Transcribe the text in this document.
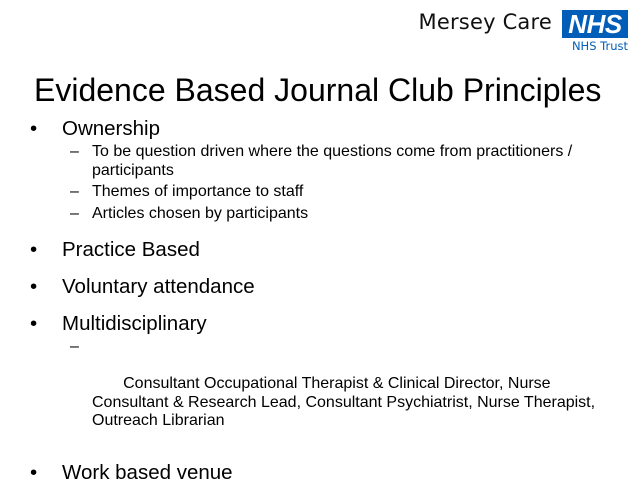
Mersey Care NHS
NHS Trust
Evidence Based Journal Club Principles
• Ownership
– To be question driven where the questions come from practitioners / participants
– Themes of importance to staff
– Articles chosen by participants
• Practice Based
• Voluntary attendance
• Multidisciplinary

–

Consultant Occupational Therapist & Clinical Director, Nurse Consultant & Research Lead, Consultant Psychiatrist, Nurse Therapist, Outreach Librarian

• Work based venue
